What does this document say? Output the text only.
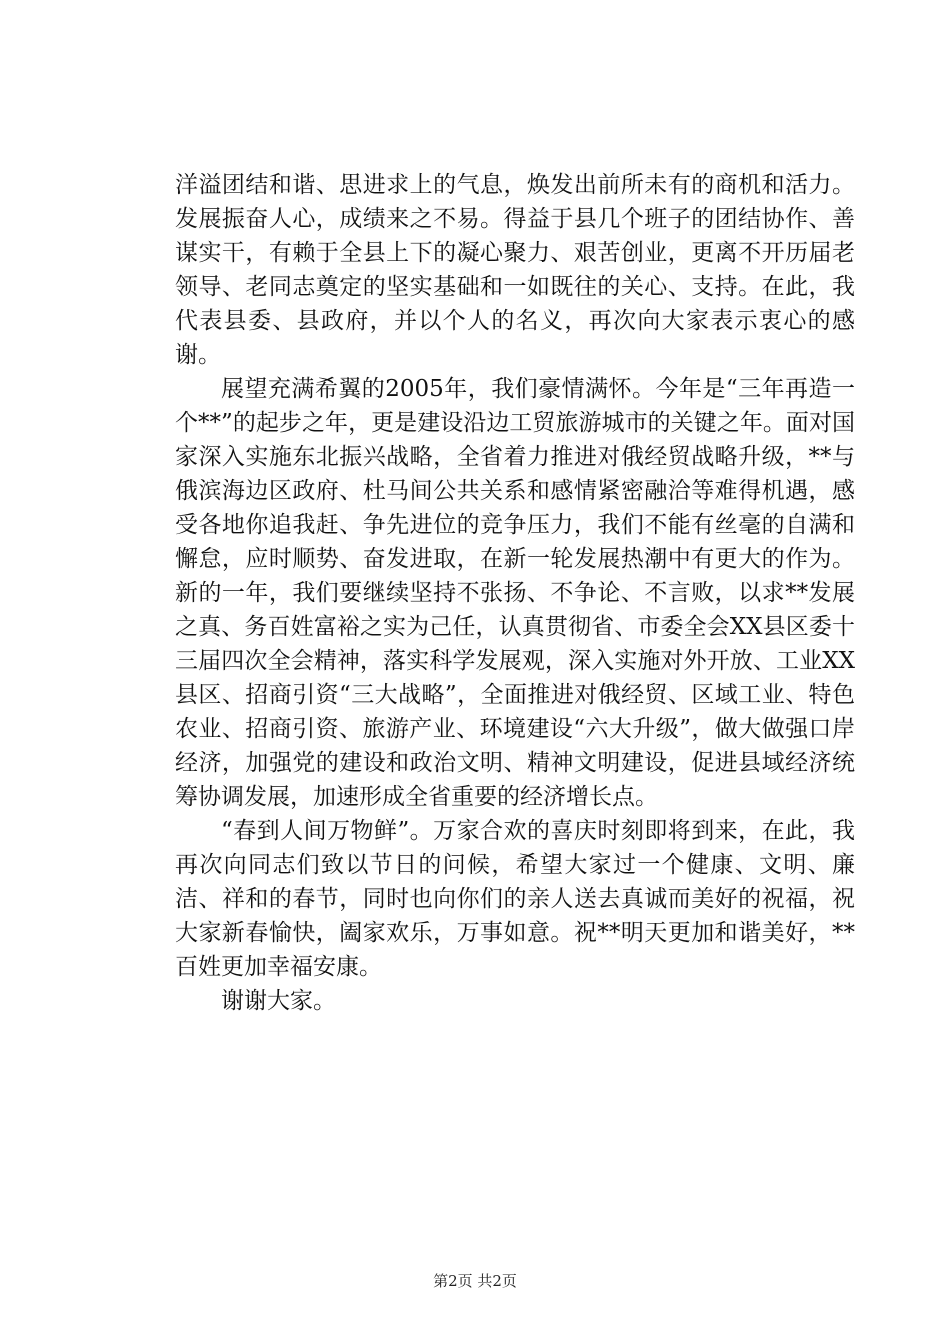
洋溢团结和谐、思进求上的气息，焕发出前所未有的商机和活力。发展振奋人心，成绩来之不易。得益于县几个班子的团结协作、善谋实干，有赖于全县上下的凝心聚力、艰苦创业，更离不开历届老领导、老同志奠定的坚实基础和一如既往的关心、支持。在此，我代表县委、县政府，并以个人的名义，再次向大家表示衷心的感谢。

展望充满希翼的2005年，我们豪情满怀。今年是“三年再造一个**”的起步之年，更是建设沿边工贸旅游城市的关键之年。面对国家深入实施东北振兴战略，全省着力推进对俄经贸战略升级，**与俄滨海边区政府、杜马间公共关系和感情紧密融洽等难得机遇，感受各地你追我赶、争先进位的竞争压力，我们不能有丝毫的自满和懈怠，应时顺势、奋发进取，在新一轮发展热潮中有更大的作为。新的一年，我们要继续坚持不张扬、不争论、不言败，以求**发展之真、务百姓富裕之实为己任，认真贯彻省、市委全会XX县区委十三届四次全会精神，落实科学发展观，深入实施对外开放、工业XX县区、招商引资“三大战略”，全面推进对俄经贸、区域工业、特色农业、招商引资、旅游产业、环境建设“六大升级”，做大做强口岸经济，加强党的建设和政治文明、精神文明建设，促进县域经济统筹协调发展，加速形成全省重要的经济增长点。

“春到人间万物鲜”。万家合欢的喜庆时刻即将到来，在此，我再次向同志们致以节日的问候，希望大家过一个健康、文明、廉洁、祥和的春节，同时也向你们的亲人送去真诚而美好的祝福，祝大家新春愉快，阖家欢乐，万事如意。祝**明天更加和谐美好，**百姓更加幸福安康。

谢谢大家。

第2页 共2页
